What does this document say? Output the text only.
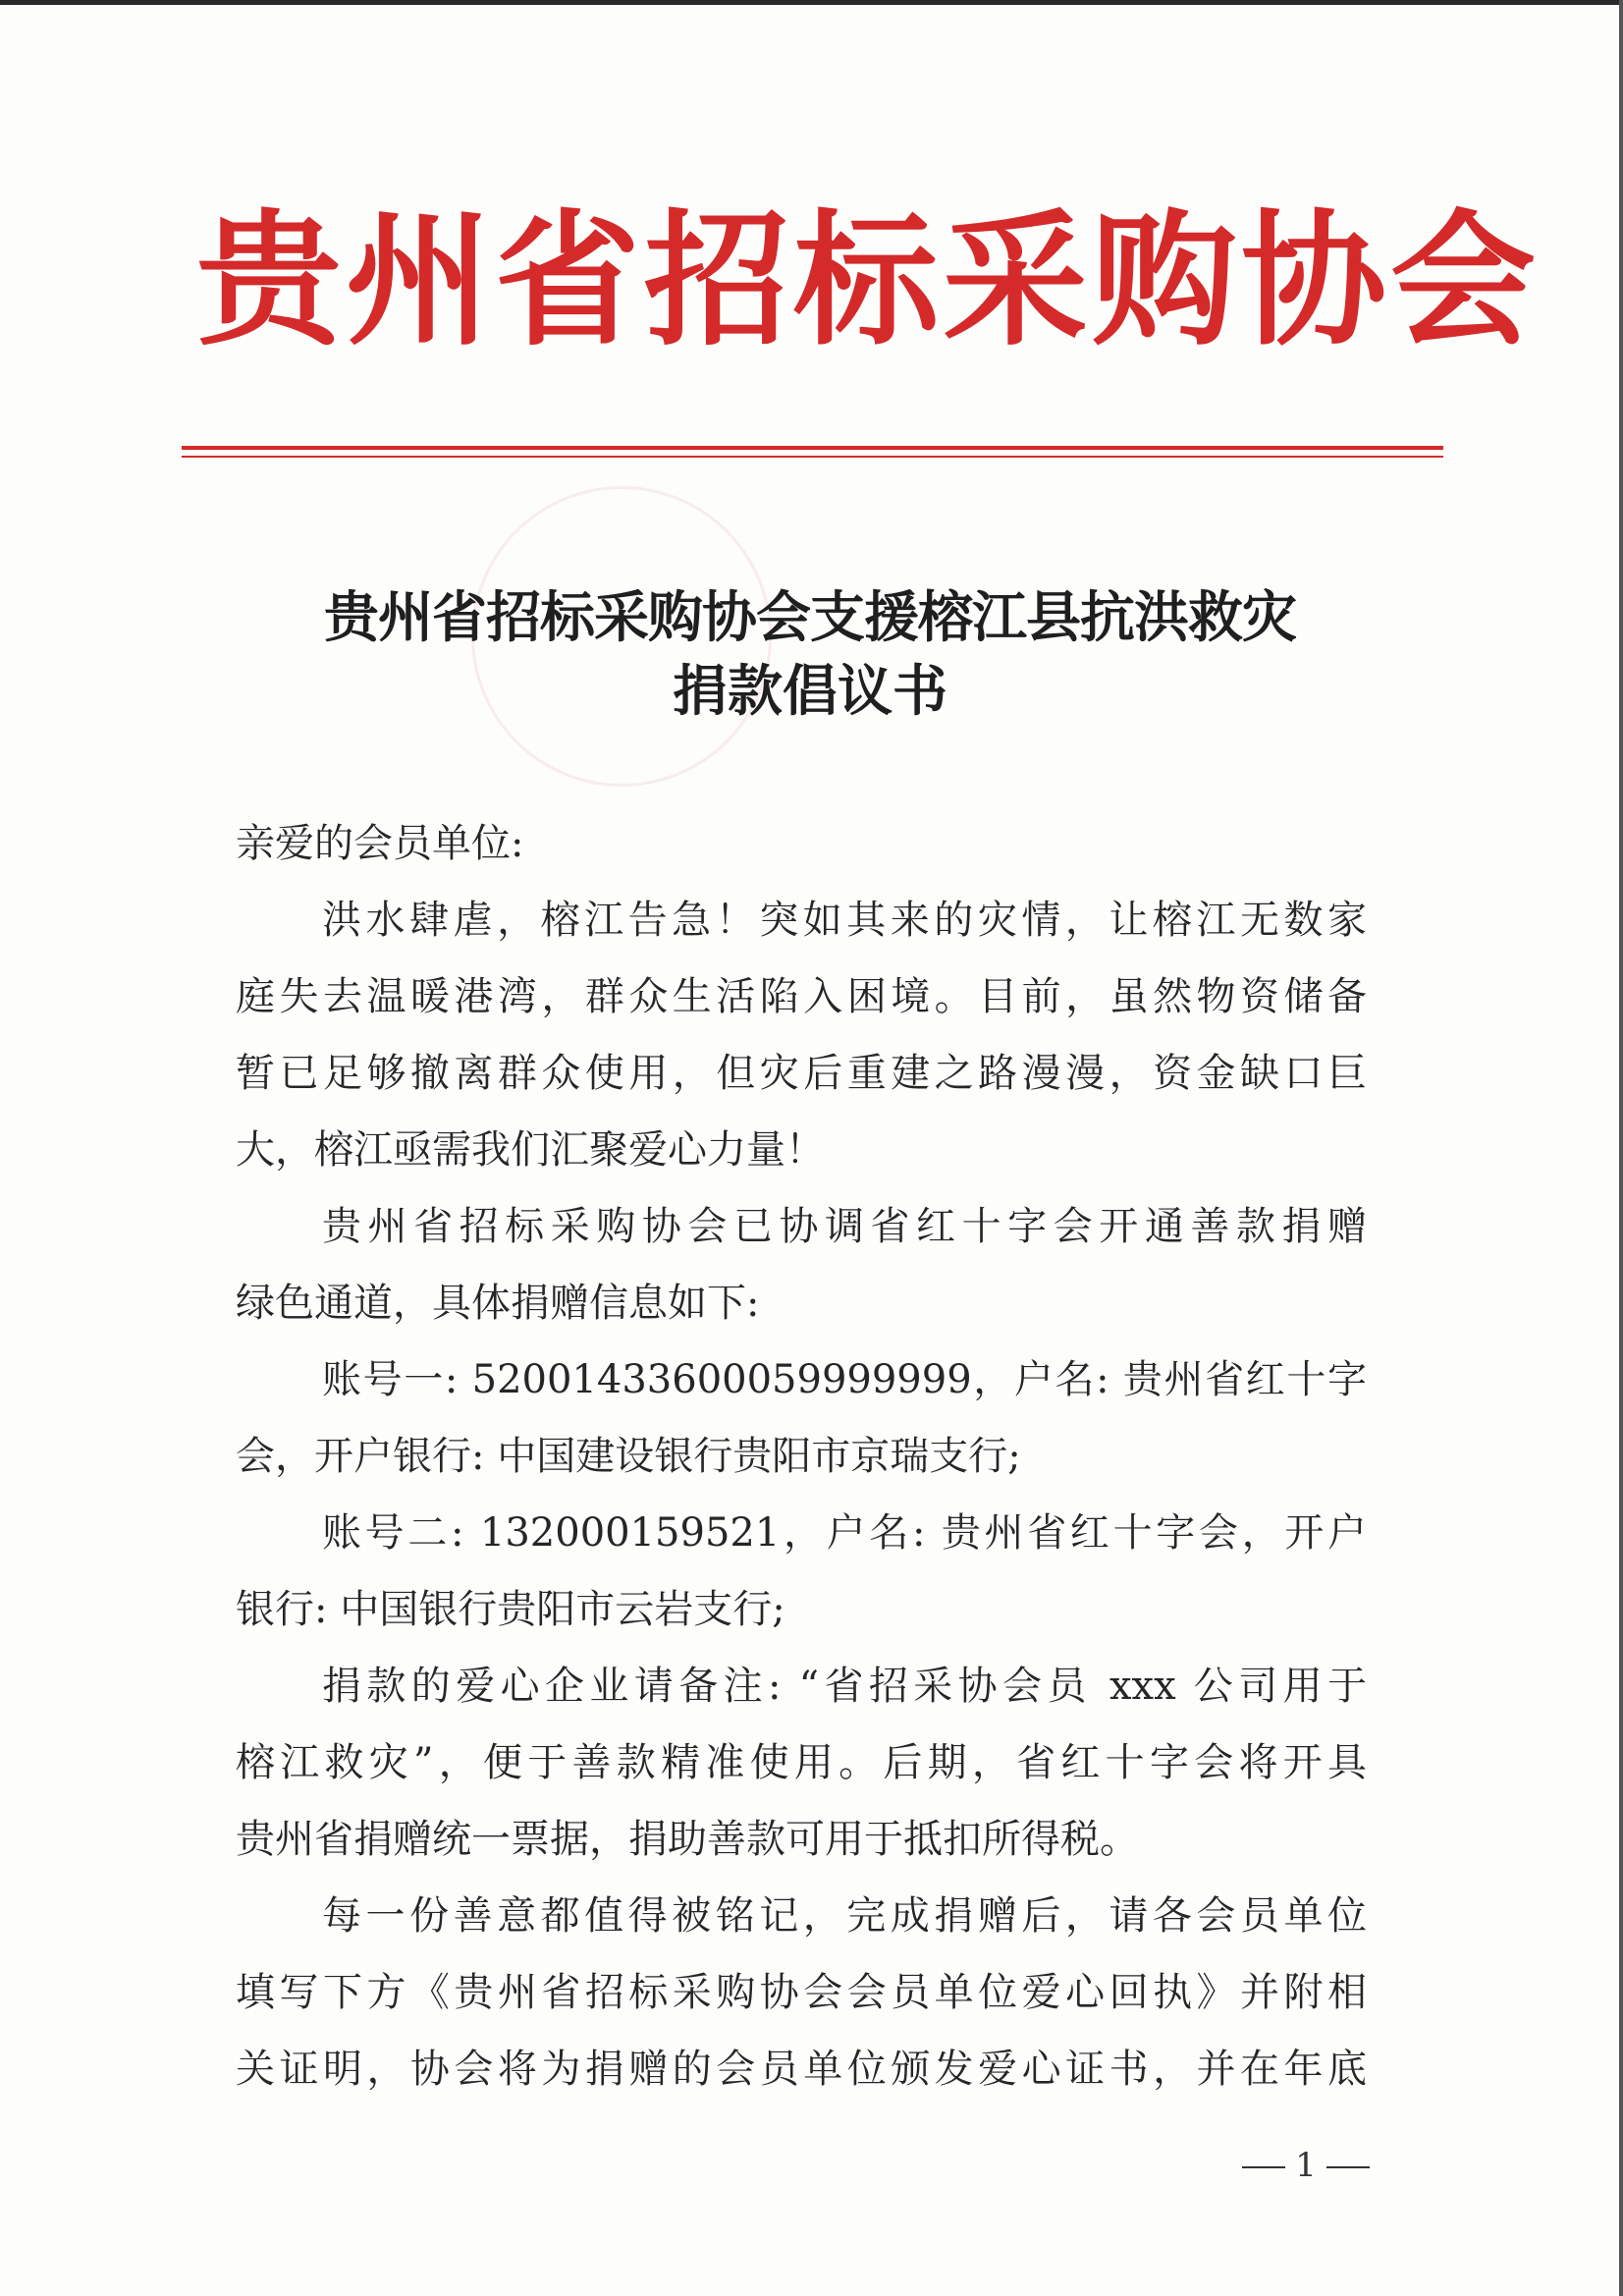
贵州省招标采购协会
贵州省招标采购协会支援榕江县抗洪救灾
捐款倡议书

亲爱的会员单位:

洪水肆虐，榕江告急！突如其来的灾情，让榕江无数家
庭失去温暖港湾，群众生活陷入困境。目前，虽然物资储备
暂已足够撤离群众使用，但灾后重建之路漫漫，资金缺口巨
大，榕江亟需我们汇聚爱心力量！
贵州省招标采购协会已协调省红十字会开通善款捐赠
绿色通道，具体捐赠信息如下:
账号一: 52001433600059999999，户名: 贵州省红十字
会，开户银行: 中国建设银行贵阳市京瑞支行;
账号二: 132000159521，户名: 贵州省红十字会，开户
银行: 中国银行贵阳市云岩支行;
捐款的爱心企业请备注: “省招采协会员 xxx 公司用于
榕江救灾”，便于善款精准使用。后期，省红十字会将开具
贵州省捐赠统一票据，捐助善款可用于抵扣所得税。
每一份善意都值得被铭记，完成捐赠后，请各会员单位
填写下方《贵州省招标采购协会会员单位爱心回执》并附相
关证明，协会将为捐赠的会员单位颁发爱心证书，并在年底
1
